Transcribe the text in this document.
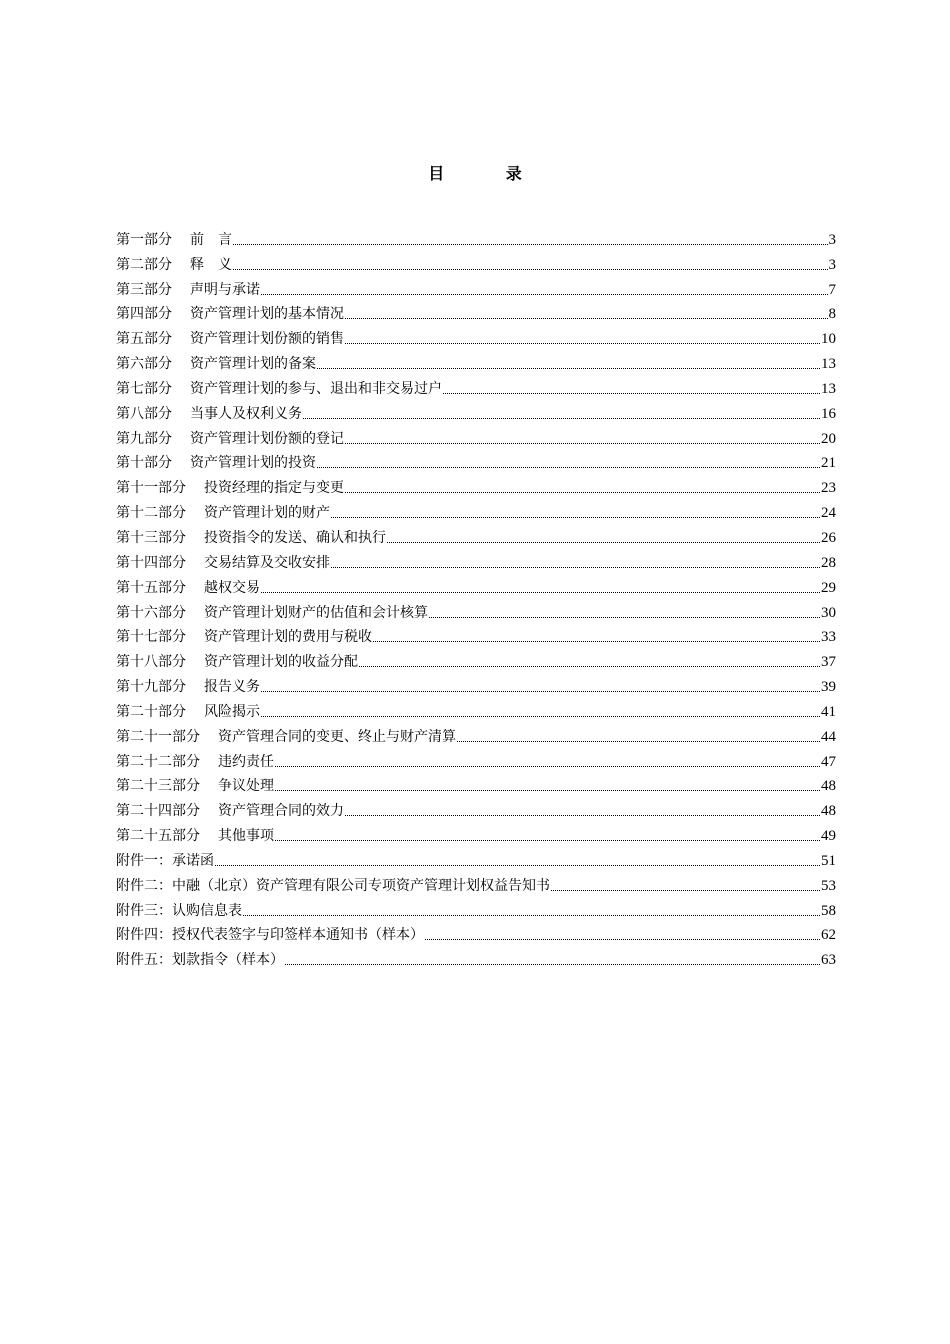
目 录
第一部分 前　言	3
第二部分 释　义	3
第三部分 声明与承诺	7
第四部分 资产管理计划的基本情况	8
第五部分 资产管理计划份额的销售	10
第六部分 资产管理计划的备案	13
第七部分 资产管理计划的参与、退出和非交易过户	13
第八部分 当事人及权利义务	16
第九部分 资产管理计划份额的登记	20
第十部分 资产管理计划的投资	21
第十一部分 投资经理的指定与变更	23
第十二部分 资产管理计划的财产	24
第十三部分 投资指令的发送、确认和执行	26
第十四部分 交易结算及交收安排	28
第十五部分 越权交易	29
第十六部分 资产管理计划财产的估值和会计核算	30
第十七部分 资产管理计划的费用与税收	33
第十八部分 资产管理计划的收益分配	37
第十九部分 报告义务	39
第二十部分 风险揭示	41
第二十一部分 资产管理合同的变更、终止与财产清算	44
第二十二部分 违约责任	47
第二十三部分 争议处理	48
第二十四部分 资产管理合同的效力	48
第二十五部分 其他事项	49
附件一： 承诺函	51
附件二： 中融（北京）资产管理有限公司专项资产管理计划权益告知书	53
附件三： 认购信息表	58
附件四： 授权代表签字与印签样本通知书（样本）	62
附件五： 划款指令（样本）	63
